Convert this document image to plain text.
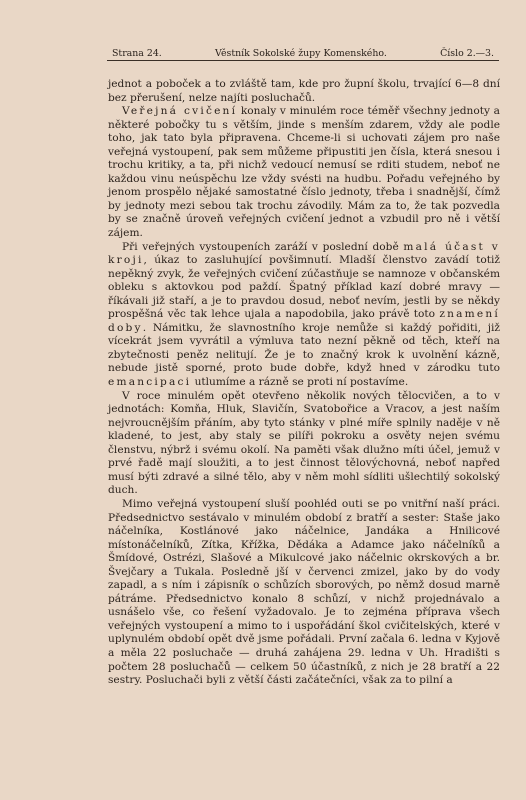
Strana 24.	Věstník Sokolské župy Komenského.	Číslo 2.—3.

jednot a poboček a to zvláště tam, kde pro župní školu, trvající 6—8 dní bez přerušení, nelze najíti posluchačů.

Veřejná cvičení konaly v minulém roce téměř všechny jednoty a některé pobočky tu s větším, jinde s menším zdarem, vždy ale podle toho, jak tato byla připravena. Chceme-li si uchovati zájem pro naše veřejná vystoupení, pak sem můžeme připustiti jen čísla, která snesou i trochu kritiky, a ta, při nichž vedoucí nemusí se rditi studem, neboť ne každou vinu neúspěchu lze vždy svésti na hudbu. Pořadu veřejného by jenom prospělo nějaké samostatné číslo jednoty, třeba i snadnější, čímž by jednoty mezi sebou tak trochu závodily. Mám za to, že tak pozvedla by se značně úroveň veřejných cvičení jednot a vzbudil pro ně i větší zájem.

Při veřejných vystoupeních zaráží v poslední době malá účast v kroji, úkaz to zasluhující povšimnutí. Mladší členstvo zavádí totiž nepěkný zvyk, že veřejných cvičení zúčastňuje se namnoze v občanském obleku s aktovkou pod paždí. Špatný příklad kazí dobré mravy — říkávali již staří, a je to pravdou dosud, neboť nevím, jestli by se někdy prospěšná věc tak lehce ujala a napodobila, jako právě toto znamení doby. Námitku, že slavnostního kroje nemůže si každý pořiditi, již vícekrát jsem vyvrátil a výmluva tato nezní pěkně od těch, kteří na zbytečnosti peněz nelitují. Že je to značný krok k uvolnění kázně, nebude jistě sporné, proto bude dobře, když hned v zárodku tuto emancipaci utlumíme a rázně se proti ní postavíme.

V roce minulém opět otevřeno několik nových tělocvičen, a to v jednotách: Komňa, Hluk, Slavičín, Svatobořice a Vracov, a jest naším nejvroucnějším přáním, aby tyto stánky v plné míře splnily naděje v ně kladené, to jest, aby staly se pilíři pokroku a osvěty nejen svému členstvu, nýbrž i svému okolí. Na paměti však dlužno míti účel, jemuž v prvé řadě mají sloužiti, a to jest činnost tělovýchovná, neboť napřed musí býti zdravé a silné tělo, aby v něm mohl sídliti ušlechtilý sokolský duch.

Mimo veřejná vystoupení sluší poohléd outi se po vnitřní naší práci. Předsednictvo sestávalo v minulém období z bratří a sester: Staše jako náčelníka, Kostlánové jako náčelnice, Jandáka a Hnilicové místonáčelníků, Zítka, Křížka, Dědáka a Adamce jako náčelníků a Šmídové, Ostrézi, Slašové a Mikulcové jako náčelnic okrskových a br. Švejčary a Tukala. Posledně jší v červenci zmizel, jako by do vody zapadl, a s ním i zápisník o schůzích sborových, po němž dosud marně pátráme. Předsednictvo konalo 8 schůzí, v nichž projednávalo a usnášelo vše, co řešení vyžadovalo. Je to zejména příprava všech veřejných vystoupení a mimo to i uspořádání škol cvičitelských, které v uplynulém období opět dvě jsme pořádali. První začala 6. ledna v Kyjově a měla 22 posluchače — druhá zahájena 29. ledna v Uh. Hradišti s počtem 28 posluchačů — celkem 50 účastníků, z nich je 28 bratří a 22 sestry. Posluchači byli z větší části začátečníci, však za to pilní a
